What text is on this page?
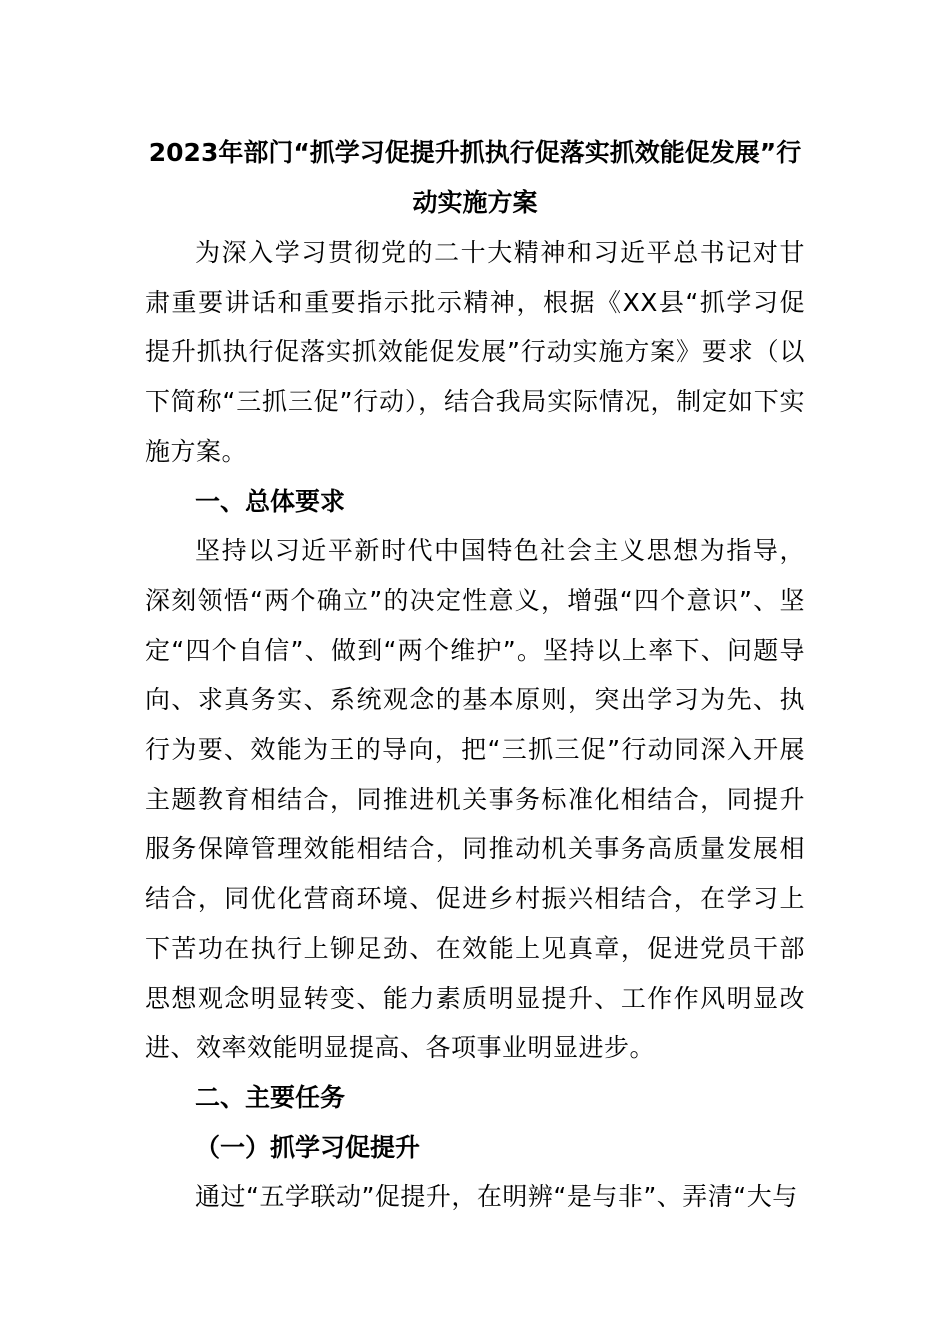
2023年部门“抓学习促提升抓执行促落实抓效能促发展”行动实施方案

为深入学习贯彻党的二十大精神和习近平总书记对甘肃重要讲话和重要指示批示精神，根据《XX县“抓学习促提升抓执行促落实抓效能促发展”行动实施方案》要求（以下简称“三抓三促”行动），结合我局实际情况，制定如下实施方案。

一、总体要求

坚持以习近平新时代中国特色社会主义思想为指导，深刻领悟“两个确立”的决定性意义，增强“四个意识”、坚定“四个自信”、做到“两个维护”。坚持以上率下、问题导向、求真务实、系统观念的基本原则，突出学习为先、执行为要、效能为王的导向，把“三抓三促”行动同深入开展主题教育相结合，同推进机关事务标准化相结合，同提升服务保障管理效能相结合，同推动机关事务高质量发展相结合，同优化营商环境、促进乡村振兴相结合，在学习上下苦功在执行上铆足劲、在效能上见真章，促进党员干部思想观念明显转变、能力素质明显提升、工作作风明显改进、效率效能明显提高、各项事业明显进步。

二、主要任务

（一）抓学习促提升

通过“五学联动”促提升，在明辨“是与非”、弄清“大与
